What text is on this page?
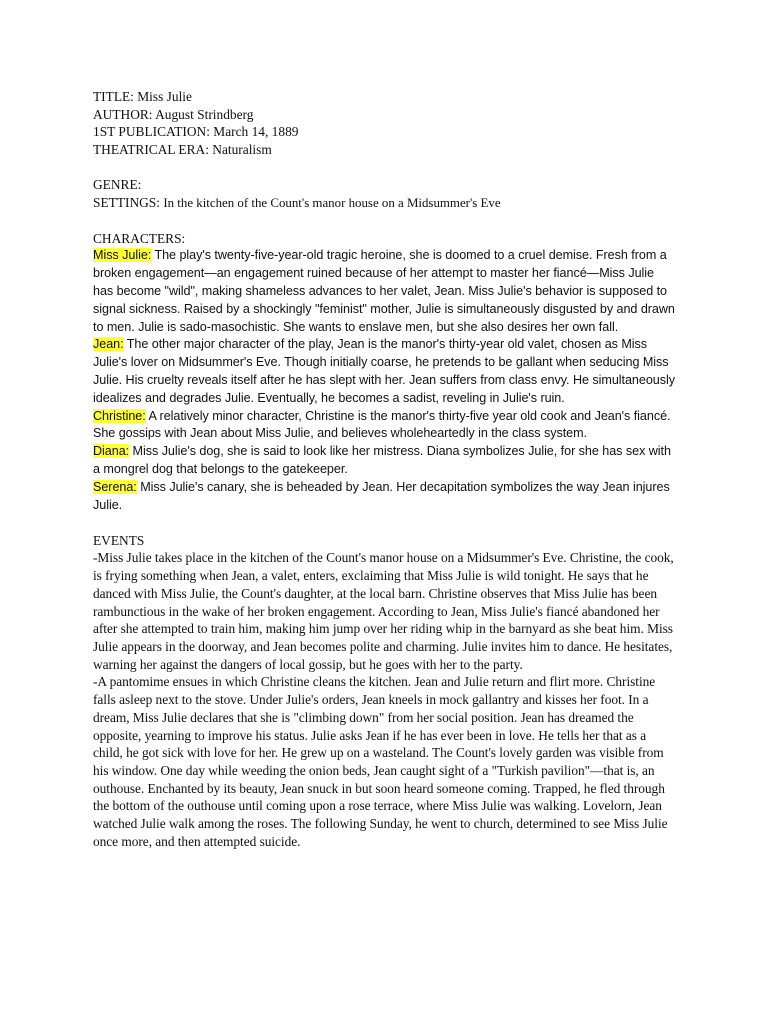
TITLE: Miss Julie
AUTHOR: August Strindberg
1ST PUBLICATION: March 14, 1889
THEATRICAL ERA: Naturalism
GENRE:
SETTINGS: In the kitchen of the Count's manor house on a Midsummer's Eve
CHARACTERS:
Miss Julie: The play's twenty-five-year-old tragic heroine, she is doomed to a cruel demise. Fresh from a broken engagement—an engagement ruined because of her attempt to master her fiancé—Miss Julie has become "wild", making shameless advances to her valet, Jean. Miss Julie's behavior is supposed to signal sickness. Raised by a shockingly "feminist" mother, Julie is simultaneously disgusted by and drawn to men. Julie is sado-masochistic. She wants to enslave men, but she also desires her own fall.
Jean: The other major character of the play, Jean is the manor's thirty-year old valet, chosen as Miss Julie's lover on Midsummer's Eve. Though initially coarse, he pretends to be gallant when seducing Miss Julie. His cruelty reveals itself after he has slept with her. Jean suffers from class envy. He simultaneously idealizes and degrades Julie. Eventually, he becomes a sadist, reveling in Julie's ruin.
Christine: A relatively minor character, Christine is the manor's thirty-five year old cook and Jean's fiancé. She gossips with Jean about Miss Julie, and believes wholeheartedly in the class system.
Diana: Miss Julie's dog, she is said to look like her mistress. Diana symbolizes Julie, for she has sex with a mongrel dog that belongs to the gatekeeper.
Serena: Miss Julie's canary, she is beheaded by Jean. Her decapitation symbolizes the way Jean injures Julie.
EVENTS
-Miss Julie takes place in the kitchen of the Count's manor house on a Midsummer's Eve. Christine, the cook, is frying something when Jean, a valet, enters, exclaiming that Miss Julie is wild tonight. He says that he danced with Miss Julie, the Count's daughter, at the local barn. Christine observes that Miss Julie has been rambunctious in the wake of her broken engagement. According to Jean, Miss Julie's fiancé abandoned her after she attempted to train him, making him jump over her riding whip in the barnyard as she beat him. Miss Julie appears in the doorway, and Jean becomes polite and charming. Julie invites him to dance. He hesitates, warning her against the dangers of local gossip, but he goes with her to the party.
-A pantomime ensues in which Christine cleans the kitchen. Jean and Julie return and flirt more. Christine falls asleep next to the stove. Under Julie's orders, Jean kneels in mock gallantry and kisses her foot. In a dream, Miss Julie declares that she is "climbing down" from her social position. Jean has dreamed the opposite, yearning to improve his status. Julie asks Jean if he has ever been in love. He tells her that as a child, he got sick with love for her. He grew up on a wasteland. The Count's lovely garden was visible from his window. One day while weeding the onion beds, Jean caught sight of a "Turkish pavilion"—that is, an outhouse. Enchanted by its beauty, Jean snuck in but soon heard someone coming. Trapped, he fled through the bottom of the outhouse until coming upon a rose terrace, where Miss Julie was walking. Lovelorn, Jean watched Julie walk among the roses. The following Sunday, he went to church, determined to see Miss Julie once more, and then attempted suicide.
